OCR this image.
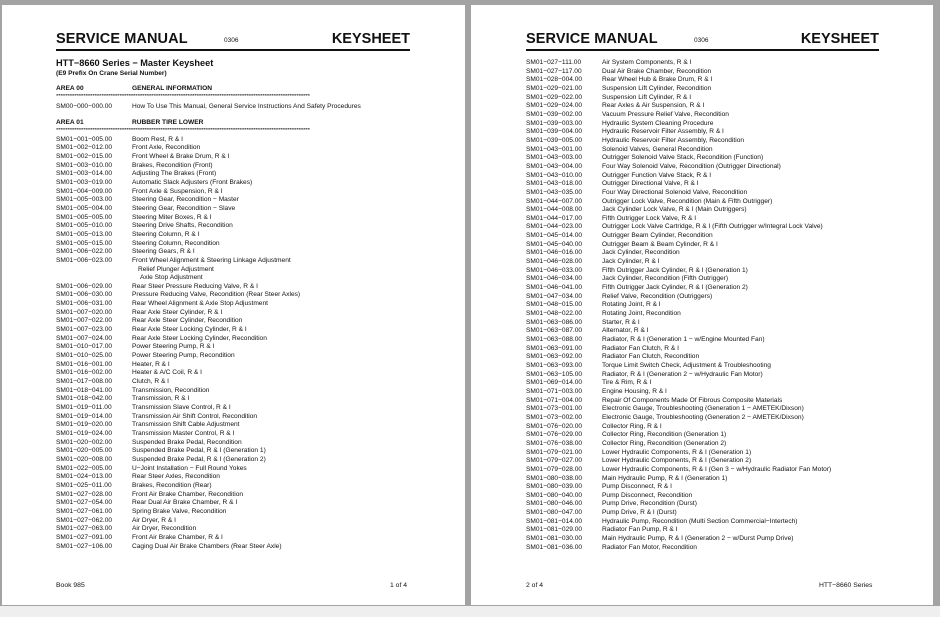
SERVICE MANUAL	0306	KEYSHEET
HTT−8660 Series − Master Keysheet
(E9 Prefix On Crane Serial Number)
AREA 00	GENERAL INFORMATION
****************************************************************************************************************
SM00−000−000.00	How To Use This Manual, General Service Instructions And Safety Procedures
AREA 01	RUBBER TIRE LOWER
****************************************************************************************************************
SM01−001−005.00	Boom Rest, R & I
SM01−002−012.00	Front Axle, Recondition
SM01−002−015.00	Front Wheel & Brake Drum, R & I
SM01−003−010.00	Brakes, Recondition (Front)
SM01−003−014.00	Adjusting The Brakes (Front)
SM01−003−019.00	Automatic Slack Adjusters (Front Brakes)
SM01−004−009.00	Front Axle & Suspension, R & I
SM01−005−003.00	Steering Gear, Recondition − Master
SM01−005−004.00	Steering Gear, Recondition − Slave
SM01−005−005.00	Steering Miter Boxes, R & I
SM01−005−010.00	Steering Drive Shafts, Recondition
SM01−005−013.00	Steering Column, R & I
SM01−005−015.00	Steering Column, Recondition
SM01−006−022.00	Steering Gears, R & I
SM01−006−023.00	Front Wheel Alignment & Steering Linkage Adjustment
Relief Plunger Adjustment
Axle Stop Adjustment
SM01−006−029.00	Rear Steer Pressure Reducing Valve, R & I
SM01−006−030.00	Pressure Reducing Valve, Recondition (Rear Steer Axles)
SM01−006−031.00	Rear Wheel Alignment & Axle Stop Adjustment
SM01−007−020.00	Rear Axle Steer Cylinder, R & I
SM01−007−022.00	Rear Axle Steer Cylinder, Recondition
SM01−007−023.00	Rear Axle Steer Locking Cylinder, R & I
SM01−007−024.00	Rear Axle Steer Locking Cylinder, Recondition
SM01−010−017.00	Power Steering Pump, R & I
SM01−010−025.00	Power Steering Pump, Recondition
SM01−016−001.00	Heater, R & I
SM01−016−002.00	Heater & A/C Coil, R & I
SM01−017−008.00	Clutch, R & I
SM01−018−041.00	Transmission, Recondition
SM01−018−042.00	Transmission, R & I
SM01−019−011.00	Transmission Slave Control, R & I
SM01−019−014.00	Transmission Air Shift Control, Recondition
SM01−019−020.00	Transmission Shift Cable Adjustment
SM01−019−024.00	Transmission Master Control, R & I
SM01−020−002.00	Suspended Brake Pedal, Recondition
SM01−020−005.00	Suspended Brake Pedal, R & I (Generation 1)
SM01−020−008.00	Suspended Brake Pedal, R & I (Generation 2)
SM01−022−005.00	U−Joint Installation − Full Round Yokes
SM01−024−013.00	Rear Steer Axles, Recondition
SM01−025−011.00	Brakes, Recondition (Rear)
SM01−027−028.00	Front Air Brake Chamber, Recondition
SM01−027−054.00	Rear Dual Air Brake Chamber, R & I
SM01−027−061.00	Spring Brake Valve, Recondition
SM01−027−062.00	Air Dryer, R & I
SM01−027−063.00	Air Dryer, Recondition
SM01−027−091.00	Front Air Brake Chamber, R & I
SM01−027−106.00	Caging Dual Air Brake Chambers (Rear Steer Axle)
Book 985	1 of 4
SERVICE MANUAL	0306	KEYSHEET
SM01−027−111.00	Air System Components, R & I
SM01−027−117.00	Dual Air Brake Chamber, Recondition
SM01−028−004.00	Rear Wheel Hub & Brake Drum, R & I
SM01−029−021.00	Suspension Lift Cylinder, Recondition
SM01−029−022.00	Suspension Lift Cylinder, R & I
SM01−029−024.00	Rear Axles & Air Suspension, R & I
SM01−039−002.00	Vacuum Pressure Relief Valve, Recondition
SM01−039−003.00	Hydraulic System Cleaning Procedure
SM01−039−004.00	Hydraulic Reservoir Filter Assembly, R & I
SM01−039−005.00	Hydraulic Reservoir Filter Assembly, Recondition
SM01−043−001.00	Solenoid Valves, General Recondition
SM01−043−003.00	Outrigger Solenoid Valve Stack, Recondition (Function)
SM01−043−004.00	Four Way Solenoid Valve, Recondition (Outrigger Directional)
SM01−043−010.00	Outrigger Function Valve Stack, R & I
SM01−043−018.00	Outrigger Directional Valve, R & I
SM01−043−035.00	Four Way Directional Solenoid Valve, Recondition
SM01−044−007.00	Outrigger Lock Valve, Recondition (Main & Fifth Outrigger)
SM01−044−008.00	Jack Cylinder Lock Valve, R & I (Main Outriggers)
SM01−044−017.00	Fifth Outrigger Lock Valve, R & I
SM01−044−023.00	Outrigger Lock Valve Cartridge, R & I (Fifth Outrigger w/Integral Lock Valve)
SM01−045−014.00	Outrigger Beam Cylinder, Recondition
SM01−045−040.00	Outrigger Beam & Beam Cylinder, R & I
SM01−046−016.00	Jack Cylinder, Recondition
SM01−046−028.00	Jack Cylinder, R & I
SM01−046−033.00	Fifth Outrigger Jack Cylinder, R & I (Generation 1)
SM01−046−034.00	Jack Cylinder, Recondition (Fifth Outrigger)
SM01−046−041.00	Fifth Outrigger Jack Cylinder, R & I (Generation 2)
SM01−047−034.00	Relief Valve, Recondition (Outriggers)
SM01−048−015.00	Rotating Joint, R & I
SM01−048−022.00	Rotating Joint, Recondition
SM01−063−086.00	Starter, R & I
SM01−063−087.00	Alternator, R & I
SM01−063−088.00	Radiator, R & I (Generation 1 − w/Engine Mounted Fan)
SM01−063−091.00	Radiator Fan Clutch, R & I
SM01−063−092.00	Radiator Fan Clutch, Recondition
SM01−063−093.00	Torque Limit Switch Check, Adjustment & Troubleshooting
SM01−063−105.00	Radiator, R & I (Generation 2 − w/Hydraulic Fan Motor)
SM01−069−014.00	Tire & Rim, R & I
SM01−071−003.00	Engine Housing, R & I
SM01−071−004.00	Repair Of Components Made Of Fibrous Composite Materials
SM01−073−001.00	Electronic Gauge, Troubleshooting (Generation 1 − AMETEK/Dixson)
SM01−073−002.00	Electronic Gauge, Troubleshooting (Generation 2 − AMETEK/Dixson)
SM01−076−020.00	Collector Ring, R & I
SM01−076−029.00	Collector Ring, Recondition (Generation 1)
SM01−076−038.00	Collector Ring, Recondition (Generation 2)
SM01−079−021.00	Lower Hydraulic Components, R & I (Generation 1)
SM01−079−027.00	Lower Hydraulic Components, R & I (Generation 2)
SM01−079−028.00	Lower Hydraulic Components, R & I (Gen 3 − w/Hydraulic Radiator Fan Motor)
SM01−080−038.00	Main Hydraulic Pump, R & I (Generation 1)
SM01−080−039.00	Pump Disconnect, R & I
SM01−080−040.00	Pump Disconnect, Recondition
SM01−080−046.00	Pump Drive, Recondition (Durst)
SM01−080−047.00	Pump Drive, R & I (Durst)
SM01−081−014.00	Hydraulic Pump, Recondition (Multi Section Commercial−Intertech)
SM01−081−029.00	Radiator Fan Pump, R & I
SM01−081−030.00	Main Hydraulic Pump, R & I (Generation 2 − w/Durst Pump Drive)
SM01−081−036.00	Radiator Fan Motor, Recondition
2 of 4	HTT−8660 Series
